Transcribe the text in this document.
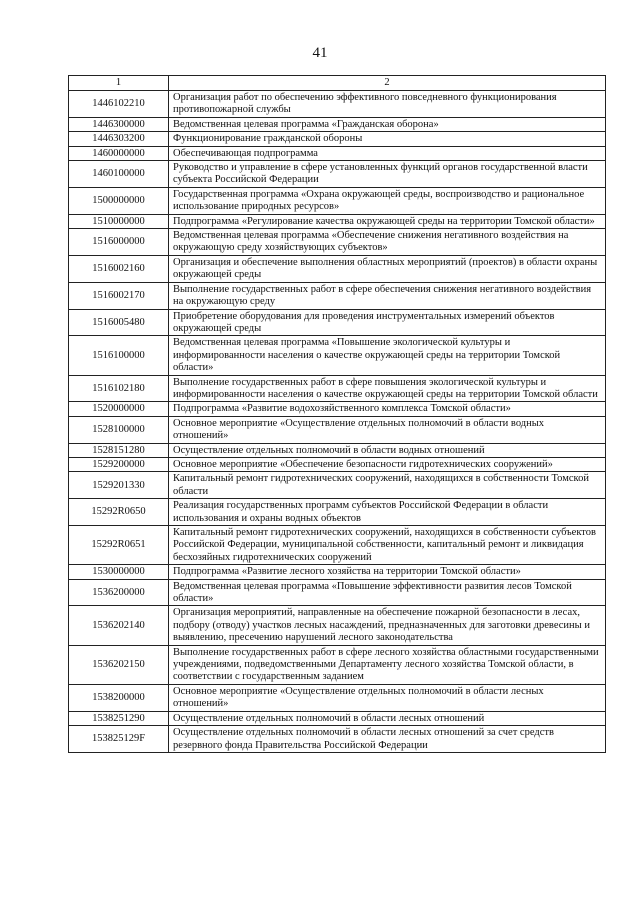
41
1	2
1446102210	Организация работ по обеспечению эффективного повседневного функционирования противопожарной службы
1446300000	Ведомственная целевая программа «Гражданская оборона»
1446303200	Функционирование гражданской обороны
1460000000	Обеспечивающая подпрограмма
1460100000	Руководство и управление в сфере установленных функций органов государственной власти субъекта Российской Федерации
1500000000	Государственная программа «Охрана окружающей среды, воспроизводство и рациональное использование природных ресурсов»
1510000000	Подпрограмма «Регулирование качества окружающей среды на территории Томской области»
1516000000	Ведомственная целевая программа «Обеспечение снижения негативного воздействия на окружающую среду хозяйствующих субъектов»
1516002160	Организация и обеспечение выполнения областных мероприятий (проектов) в области охраны окружающей среды
1516002170	Выполнение государственных работ в сфере обеспечения снижения негативного воздействия на окружающую среду
1516005480	Приобретение оборудования для проведения инструментальных измерений объектов окружающей среды
1516100000	Ведомственная целевая программа «Повышение экологической культуры и информированности населения о качестве окружающей среды на территории Томской области»
1516102180	Выполнение государственных работ в сфере повышения экологической культуры и информированности населения о качестве окружающей среды на территории Томской области
1520000000	Подпрограмма «Развитие водохозяйственного комплекса Томской области»
1528100000	Основное мероприятие «Осуществление отдельных полномочий в области водных отношений»
1528151280	Осуществление отдельных полномочий в области водных отношений
1529200000	Основное мероприятие «Обеспечение безопасности гидротехнических сооружений»
1529201330	Капитальный ремонт гидротехнических сооружений, находящихся в собственности Томской области
15292R0650	Реализация государственных программ субъектов Российской Федерации в области использования и охраны водных объектов
15292R0651	Капитальный ремонт гидротехнических сооружений, находящихся в собственности субъектов Российской Федерации, муниципальной собственности, капитальный ремонт и ликвидация бесхозяйных гидротехнических сооружений
1530000000	Подпрограмма «Развитие лесного хозяйства на территории Томской области»
1536200000	Ведомственная целевая программа «Повышение эффективности развития лесов Томской области»
1536202140	Организация мероприятий, направленные на обеспечение пожарной безопасности в лесах, подбору (отводу) участков лесных насаждений, предназначенных для заготовки древесины и выявлению, пресечению нарушений лесного законодательства
1536202150	Выполнение государственных работ в сфере лесного хозяйства областными государственными учреждениями, подведомственными Департаменту лесного хозяйства Томской области, в соответствии с государственным заданием
1538200000	Основное мероприятие «Осуществление отдельных полномочий в области лесных отношений»
1538251290	Осуществление отдельных полномочий в области лесных отношений
153825129F	Осуществление отдельных полномочий в области лесных отношений за счет средств резервного фонда Правительства Российской Федерации
